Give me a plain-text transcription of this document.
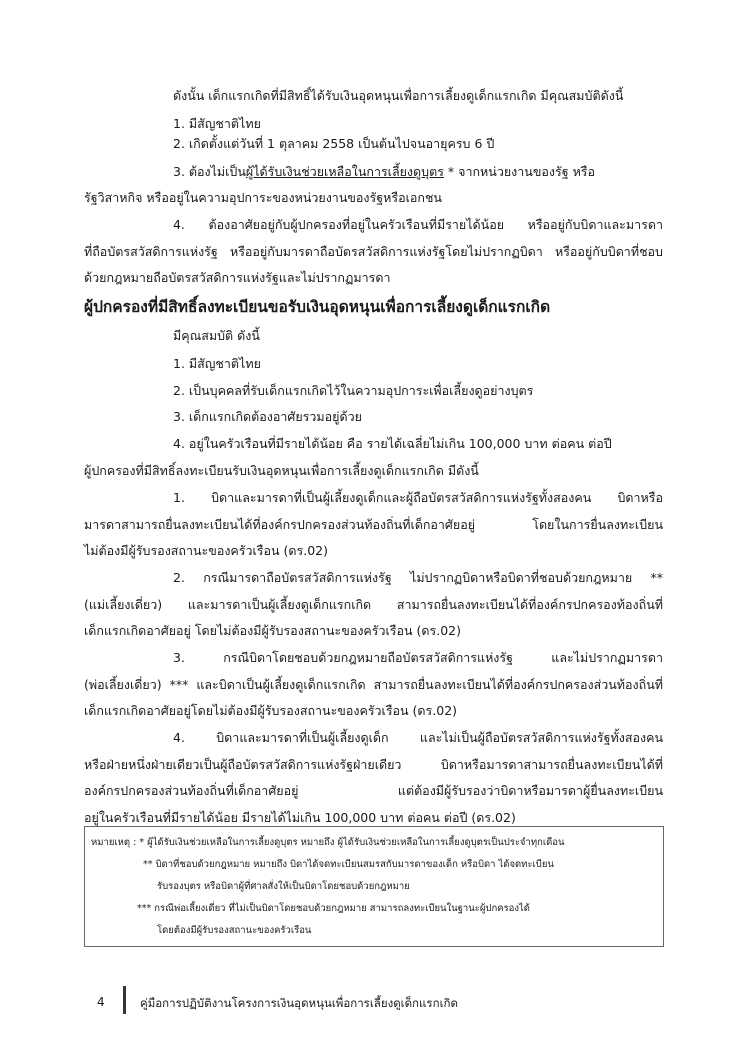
ดังนั้น เด็กแรกเกิดที่มีสิทธิ์ได้รับเงินอุดหนุนเพื่อการเลี้ยงดูเด็กแรกเกิด มีคุณสมบัติดังนี้
1. มีสัญชาติไทย
2. เกิดตั้งแต่วันที่ 1 ตุลาคม 2558 เป็นต้นไปจนอายุครบ 6 ปี
3. ต้องไม่เป็นผู้ได้รับเงินช่วยเหลือในการเลี้ยงดูบุตร * จากหน่วยงานของรัฐ หรือ
รัฐวิสาหกิจ หรืออยู่ในความอุปการะของหน่วยงานของรัฐหรือเอกชน
4. ต้องอาศัยอยู่กับผู้ปกครองที่อยู่ในครัวเรือนที่มีรายได้น้อย หรืออยู่กับบิดาและมารดา
ที่ถือบัตรสวัสดิการแห่งรัฐ หรืออยู่กับมารดาถือบัตรสวัสดิการแห่งรัฐโดยไม่ปรากฏบิดา หรืออยู่กับบิดาที่ชอบ
ด้วยกฎหมายถือบัตรสวัสดิการแห่งรัฐและไม่ปรากฏมารดา
ผู้ปกครองที่มีสิทธิ์ลงทะเบียนขอรับเงินอุดหนุนเพื่อการเลี้ยงดูเด็กแรกเกิด
มีคุณสมบัติ ดังนี้
1. มีสัญชาติไทย
2. เป็นบุคคลที่รับเด็กแรกเกิดไว้ในความอุปการะเพื่อเลี้ยงดูอย่างบุตร
3. เด็กแรกเกิดต้องอาศัยรวมอยู่ด้วย
4. อยู่ในครัวเรือนที่มีรายได้น้อย คือ รายได้เฉลี่ยไม่เกิน 100,000 บาท ต่อคน ต่อปี
ผู้ปกครองที่มีสิทธิ์ลงทะเบียนรับเงินอุดหนุนเพื่อการเลี้ยงดูเด็กแรกเกิด มีดังนี้
1. บิดาและมารดาที่เป็นผู้เลี้ยงดูเด็กและผู้ถือบัตรสวัสดิการแห่งรัฐทั้งสองคน บิดาหรือ
มารดาสามารถยื่นลงทะเบียนได้ที่องค์กรปกครองส่วนท้องถิ่นที่เด็กอาศัยอยู่ โดยในการยื่นลงทะเบียน
ไม่ต้องมีผู้รับรองสถานะของครัวเรือน (ดร.02)
2. กรณีมารดาถือบัตรสวัสดิการแห่งรัฐ ไม่ปรากฏบิดาหรือบิดาที่ชอบด้วยกฎหมาย **
(แม่เลี้ยงเดี่ยว) และมารดาเป็นผู้เลี้ยงดูเด็กแรกเกิด สามารถยื่นลงทะเบียนได้ที่องค์กรปกครองท้องถิ่นที่
เด็กแรกเกิดอาศัยอยู่ โดยไม่ต้องมีผู้รับรองสถานะของครัวเรือน (ดร.02)
3. กรณีบิดาโดยชอบด้วยกฎหมายถือบัตรสวัสดิการแห่งรัฐ และไม่ปรากฏมารดา
(พ่อเลี้ยงเดี่ยว) *** และบิดาเป็นผู้เลี้ยงดูเด็กแรกเกิด สามารถยื่นลงทะเบียนได้ที่องค์กรปกครองส่วนท้องถิ่นที่
เด็กแรกเกิดอาศัยอยู่โดยไม่ต้องมีผู้รับรองสถานะของครัวเรือน (ดร.02)
4. บิดาและมารดาที่เป็นผู้เลี้ยงดูเด็ก และไม่เป็นผู้ถือบัตรสวัสดิการแห่งรัฐทั้งสองคน
หรือฝ่ายหนึ่งฝ่ายเดียวเป็นผู้ถือบัตรสวัสดิการแห่งรัฐฝ่ายเดียว บิดาหรือมารดาสามารถยื่นลงทะเบียนได้ที่
องค์กรปกครองส่วนท้องถิ่นที่เด็กอาศัยอยู่ แต่ต้องมีผู้รับรองว่าบิดาหรือมารดาผู้ยื่นลงทะเบียน
อยู่ในครัวเรือนที่มีรายได้น้อย มีรายได้ไม่เกิน 100,000 บาท ต่อคน ต่อปี (ดร.02)
หมายเหตุ : * ผู้ได้รับเงินช่วยเหลือในการเลี้ยงดูบุตร หมายถึง ผู้ได้รับเงินช่วยเหลือในการเลี้ยงดูบุตรเป็นประจำทุกเดือน
** บิดาที่ชอบด้วยกฎหมาย หมายถึง บิดาได้จดทะเบียนสมรสกับมารดาของเด็ก หรือบิดา ได้จดทะเบียน
รับรองบุตร หรือบิดาผู้ที่ศาลสั่งให้เป็นบิดาโดยชอบด้วยกฎหมาย
*** กรณีพ่อเลี้ยงเดี่ยว ที่ไม่เป็นบิดาโดยชอบด้วยกฎหมาย สามารถลงทะเบียนในฐานะผู้ปกครองได้
โดยต้องมีผู้รับรองสถานะของครัวเรือน
4	คู่มือการปฏิบัติงานโครงการเงินอุดหนุนเพื่อการเลี้ยงดูเด็กแรกเกิด
